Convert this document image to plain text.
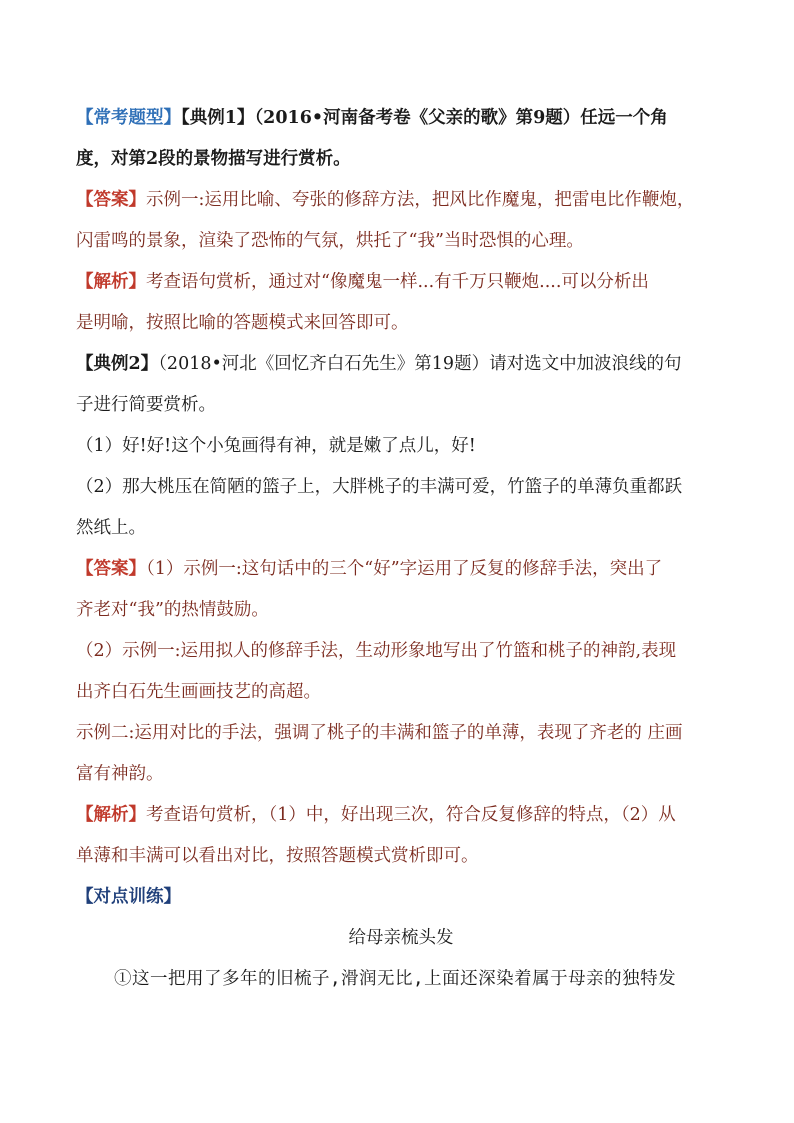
【常考题型】【典例1】（2016•河南备考卷《父亲的歌》第9题）任远一个角
度，对第2段的景物描写进行赏析。
【答案】示例一:运用比喻、夸张的修辞方法，把风比作魔鬼，把雷电比作鞭炮，
闪雷鸣的景象，渲染了恐怖的气氛，烘托了“我”当时恐惧的心理。
【解析】考查语句赏析，通过对“像魔鬼一样...有千万只鞭炮....可以分析出
是明喻，按照比喻的答题模式来回答即可。
【典例2】（2018•河北《回忆齐白石先生》第19题）请对选文中加波浪线的句
子进行简要赏析。
（1）好!好!这个小兔画得有神，就是嫩了点儿，好!
（2）那大桃压在简陋的篮子上，大胖桃子的丰满可爱，竹篮子的单薄负重都跃
然纸上。
【答案】（1）示例一:这句话中的三个“好”字运用了反复的修辞手法，突出了
齐老对“我”的热情鼓励。
（2）示例一:运用拟人的修辞手法，生动形象地写出了竹篮和桃子的神韵,表现
出齐白石先生画画技艺的高超。
示例二:运用对比的手法，强调了桃子的丰满和篮子的单薄，表现了齐老的 庄画
富有神韵。
【解析】考查语句赏析，（1）中，好出现三次，符合反复修辞的特点，（2）从
单薄和丰满可以看出对比，按照答题模式赏析即可。
【对点训练】
给母亲梳头发
①这一把用了多年的旧梳子,滑润无比,上面还深染着属于母亲的独特发
